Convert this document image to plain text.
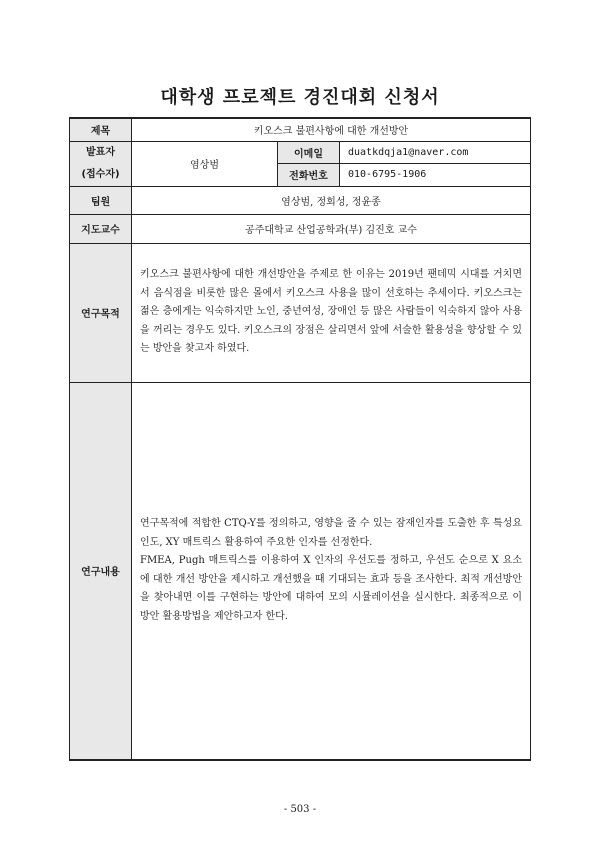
대학생 프로젝트 경진대회 신청서
제목	키오스크 불편사항에 대한 개선방안		

발표자
(접수자)	염상범	이메일	duatkdqja1@naver.com
		전화번호	010-6795-1906
팀원	염상범, 정회성, 정윤종		
지도교수	공주대학교 산업공학과(부) 김진호 교수		
연구목적	키오스크 불편사항에 대한 개선방안을 주제로 한 이유는 2019년 팬데믹 시대를 거치면서 음식점을 비롯한 많은 몰에서 키오스크 사용을 많이 선호하는 추세이다. 키오스크는 젊은 층에게는 익숙하지만 노인, 중년여성, 장애인 등 많은 사람들이 익숙하지 않아 사용을 꺼리는 경우도 있다. 키오스크의 장점은 살리면서 앞에 서술한 활용성을 향상할 수 있는 방안을 찾고자 하였다.		
연구내용	연구목적에 적합한 CTQ-Y를 정의하고, 영향을 줄 수 있는 잠재인자를 도출한 후 특성요인도, XY 매트릭스 활용하여 주요한 인자를 선정한다.
FMEA, Pugh 매트릭스를 이용하여 X 인자의 우선도를 정하고, 우선도 순으로 X 요소에 대한 개선 방안을 제시하고 개선했을 때 기대되는 효과 등을 조사한다. 최적 개선방안을 찾아내면 이를 구현하는 방안에 대하여 모의 시뮬레이션을 실시한다. 최종적으로 이 방안 활용방법을 제안하고자 한다.		
- 503 -
